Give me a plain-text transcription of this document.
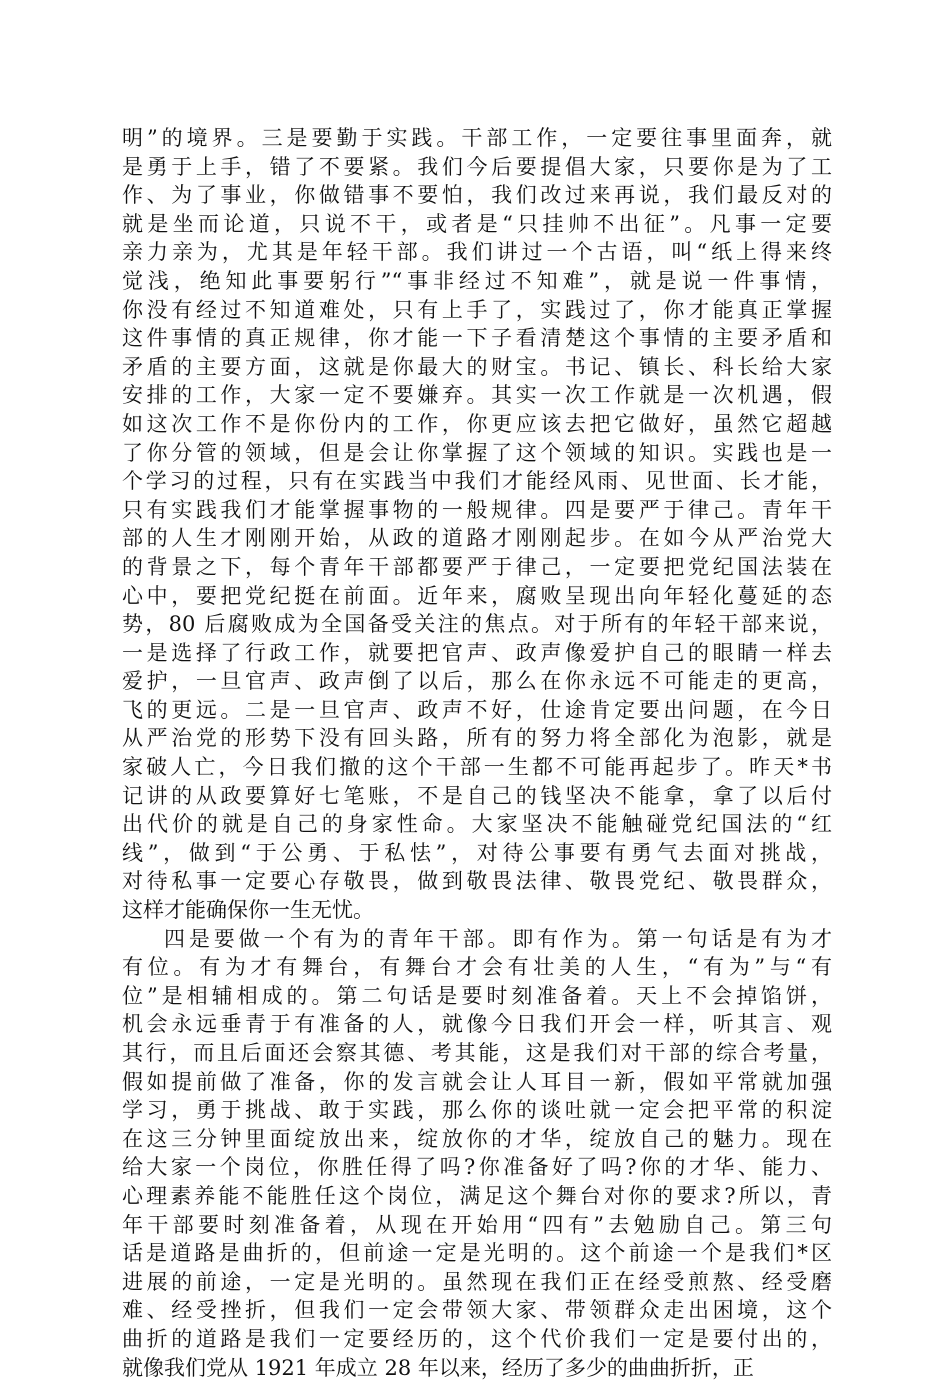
明”的境界。三是要勤于实践。干部工作，一定要往事里面奔，就
是勇于上手，错了不要紧。我们今后要提倡大家，只要你是为了工
作、为了事业，你做错事不要怕，我们改过来再说，我们最反对的
就是坐而论道，只说不干，或者是“只挂帅不出征”。凡事一定要
亲力亲为，尤其是年轻干部。我们讲过一个古语，叫“纸上得来终
觉浅，绝知此事要躬行”“事非经过不知难”，就是说一件事情，
你没有经过不知道难处，只有上手了，实践过了，你才能真正掌握
这件事情的真正规律，你才能一下子看清楚这个事情的主要矛盾和
矛盾的主要方面，这就是你最大的财宝。书记、镇长、科长给大家
安排的工作，大家一定不要嫌弃。其实一次工作就是一次机遇，假
如这次工作不是你份内的工作，你更应该去把它做好，虽然它超越
了你分管的领域，但是会让你掌握了这个领域的知识。实践也是一
个学习的过程，只有在实践当中我们才能经风雨、见世面、长才能，
只有实践我们才能掌握事物的一般规律。四是要严于律己。青年干
部的人生才刚刚开始，从政的道路才刚刚起步。在如今从严治党大
的背景之下，每个青年干部都要严于律己，一定要把党纪国法装在
心中，要把党纪挺在前面。近年来，腐败呈现出向年轻化蔓延的态
势，80 后腐败成为全国备受关注的焦点。对于所有的年轻干部来说，
一是选择了行政工作，就要把官声、政声像爱护自己的眼睛一样去
爱护，一旦官声、政声倒了以后，那么在你永远不可能走的更高，
飞的更远。二是一旦官声、政声不好，仕途肯定要出问题，在今日
从严治党的形势下没有回头路，所有的努力将全部化为泡影，就是
家破人亡，今日我们撤的这个干部一生都不可能再起步了。昨天*书
记讲的从政要算好七笔账，不是自己的钱坚决不能拿，拿了以后付
出代价的就是自己的身家性命。大家坚决不能触碰党纪国法的“红
线”，做到“于公勇、于私怯”，对待公事要有勇气去面对挑战，
对待私事一定要心存敬畏，做到敬畏法律、敬畏党纪、敬畏群众，
这样才能确保你一生无忧。
四是要做一个有为的青年干部。即有作为。第一句话是有为才
有位。有为才有舞台，有舞台才会有壮美的人生，“有为”与“有
位”是相辅相成的。第二句话是要时刻准备着。天上不会掉馅饼，
机会永远垂青于有准备的人，就像今日我们开会一样，听其言、观
其行，而且后面还会察其德、考其能，这是我们对干部的综合考量，
假如提前做了准备，你的发言就会让人耳目一新，假如平常就加强
学习，勇于挑战、敢于实践，那么你的谈吐就一定会把平常的积淀
在这三分钟里面绽放出来，绽放你的才华，绽放自己的魅力。现在
给大家一个岗位，你胜任得了吗?你准备好了吗?你的才华、能力、
心理素养能不能胜任这个岗位，满足这个舞台对你的要求?所以，青
年干部要时刻准备着，从现在开始用“四有”去勉励自己。第三句
话是道路是曲折的，但前途一定是光明的。这个前途一个是我们*区
进展的前途，一定是光明的。虽然现在我们正在经受煎熬、经受磨
难、经受挫折，但我们一定会带领大家、带领群众走出困境，这个
曲折的道路是我们一定要经历的，这个代价我们一定是要付出的，
就像我们党从 1921 年成立 28 年以来，经历了多少的曲曲折折，正
